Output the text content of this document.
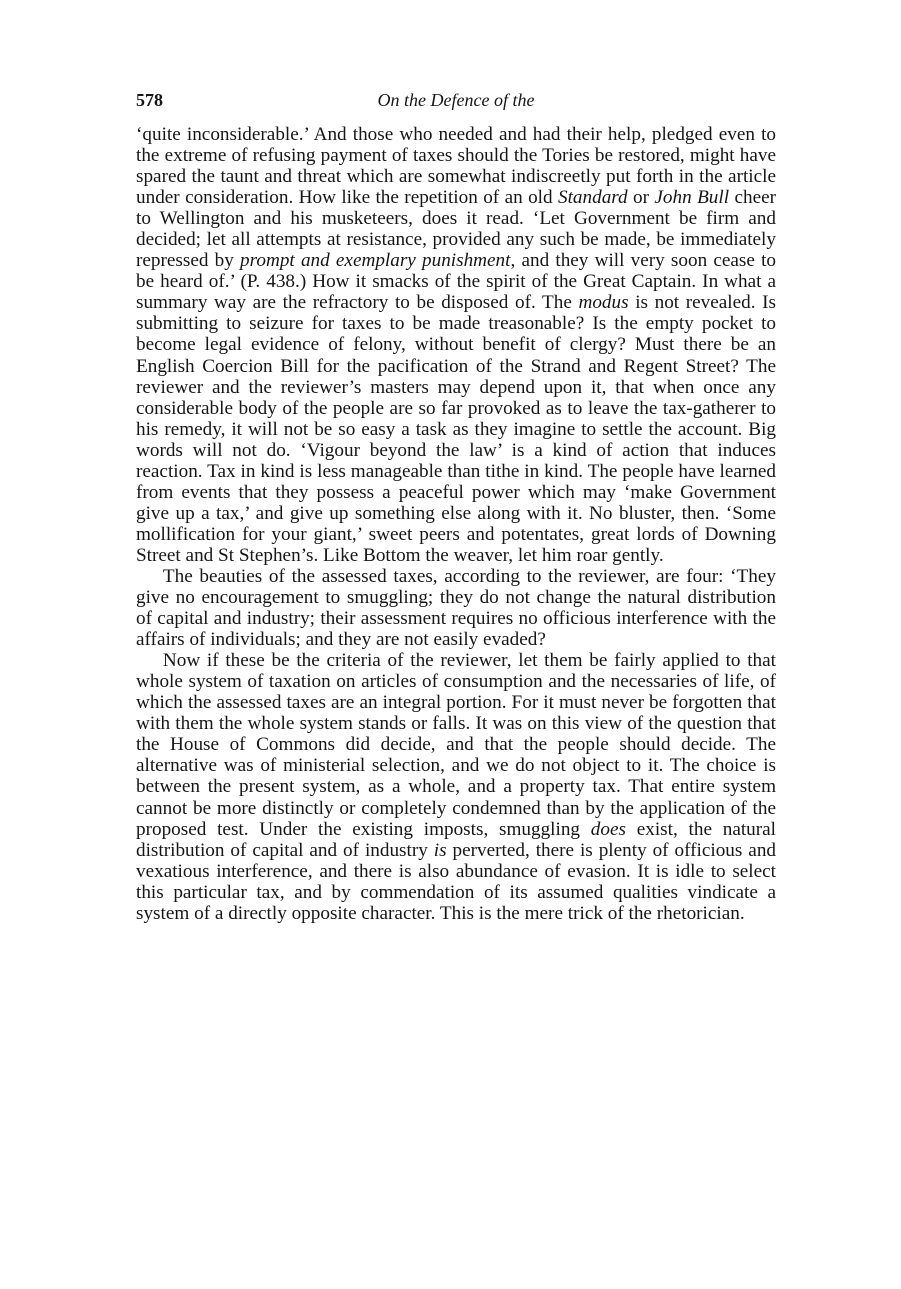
578	On the Defence of the

‘quite inconsiderable.’ And those who needed and had their help, pledged even to the extreme of refusing payment of taxes should the Tories be restored, might have spared the taunt and threat which are somewhat indiscreetly put forth in the article under consideration. How like the repetition of an old Standard or John Bull cheer to Wellington and his musketeers, does it read. ‘Let Government be firm and decided; let all attempts at resistance, provided any such be made, be immediately repressed by prompt and exemplary punishment, and they will very soon cease to be heard of.’ (P. 438.) How it smacks of the spirit of the Great Captain. In what a summary way are the refractory to be disposed of. The modus is not revealed. Is submitting to seizure for taxes to be made treasonable? Is the empty pocket to become legal evidence of felony, without benefit of clergy? Must there be an English Coercion Bill for the pacification of the Strand and Regent Street? The reviewer and the reviewer’s masters may depend upon it, that when once any considerable body of the people are so far provoked as to leave the tax-gatherer to his remedy, it will not be so easy a task as they imagine to settle the account. Big words will not do. ‘Vigour beyond the law’ is a kind of action that induces reaction. Tax in kind is less manageable than tithe in kind. The people have learned from events that they possess a peaceful power which may ‘make Government give up a tax,’ and give up something else along with it. No bluster, then. ‘Some mollification for your giant,’ sweet peers and potentates, great lords of Downing Street and St Stephen’s. Like Bottom the weaver, let him roar gently.

The beauties of the assessed taxes, according to the reviewer, are four: ‘They give no encouragement to smuggling; they do not change the natural distribution of capital and industry; their assessment requires no officious interference with the affairs of individuals; and they are not easily evaded?

Now if these be the criteria of the reviewer, let them be fairly applied to that whole system of taxation on articles of consumption and the necessaries of life, of which the assessed taxes are an integral portion. For it must never be forgotten that with them the whole system stands or falls. It was on this view of the question that the House of Commons did decide, and that the people should decide. The alternative was of ministerial selection, and we do not object to it. The choice is between the present system, as a whole, and a property tax. That entire system cannot be more distinctly or completely condemned than by the application of the proposed test. Under the existing imposts, smuggling does exist, the natural distribution of capital and of industry is perverted, there is plenty of officious and vexatious interference, and there is also abundance of evasion. It is idle to select this particular tax, and by commendation of its assumed qualities vindicate a system of a directly opposite character. This is the mere trick of the rhetorician.
